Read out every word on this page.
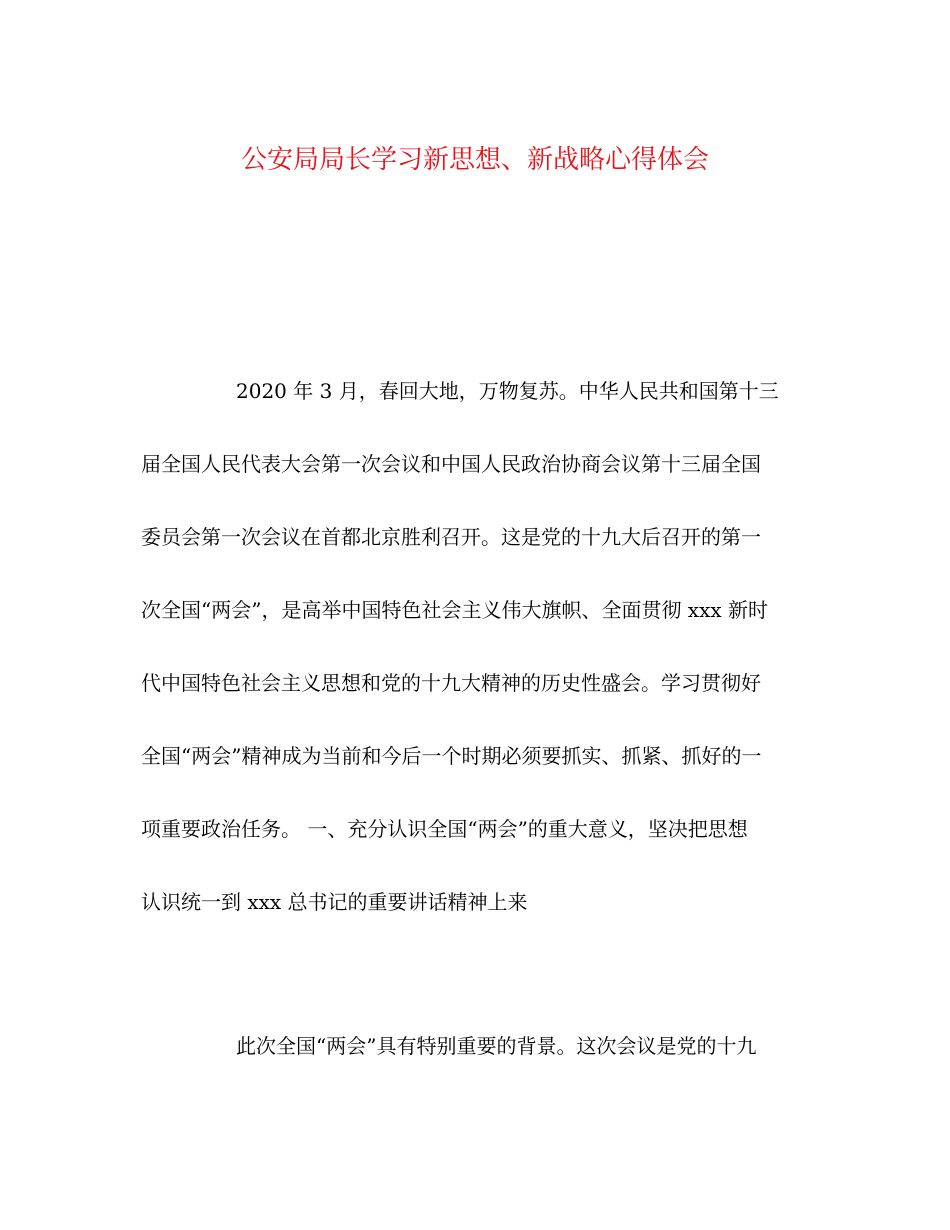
公安局局长学习新思想、新战略心得体会

2020 年 3 月，春回大地，万物复苏。中华人民共和国第十三

届全国人民代表大会第一次会议和中国人民政治协商会议第十三届全国

委员会第一次会议在首都北京胜利召开。这是党的十九大后召开的第一

次全国“两会”，是高举中国特色社会主义伟大旗帜、全面贯彻 xxx 新时

代中国特色社会主义思想和党的十九大精神的历史性盛会。学习贯彻好

全国“两会”精神成为当前和今后一个时期必须要抓实、抓紧、抓好的一

项重要政治任务。 一、充分认识全国“两会”的重大意义，坚决把思想

认识统一到 xxx 总书记的重要讲话精神上来

此次全国“两会”具有特别重要的背景。这次会议是党的十九
